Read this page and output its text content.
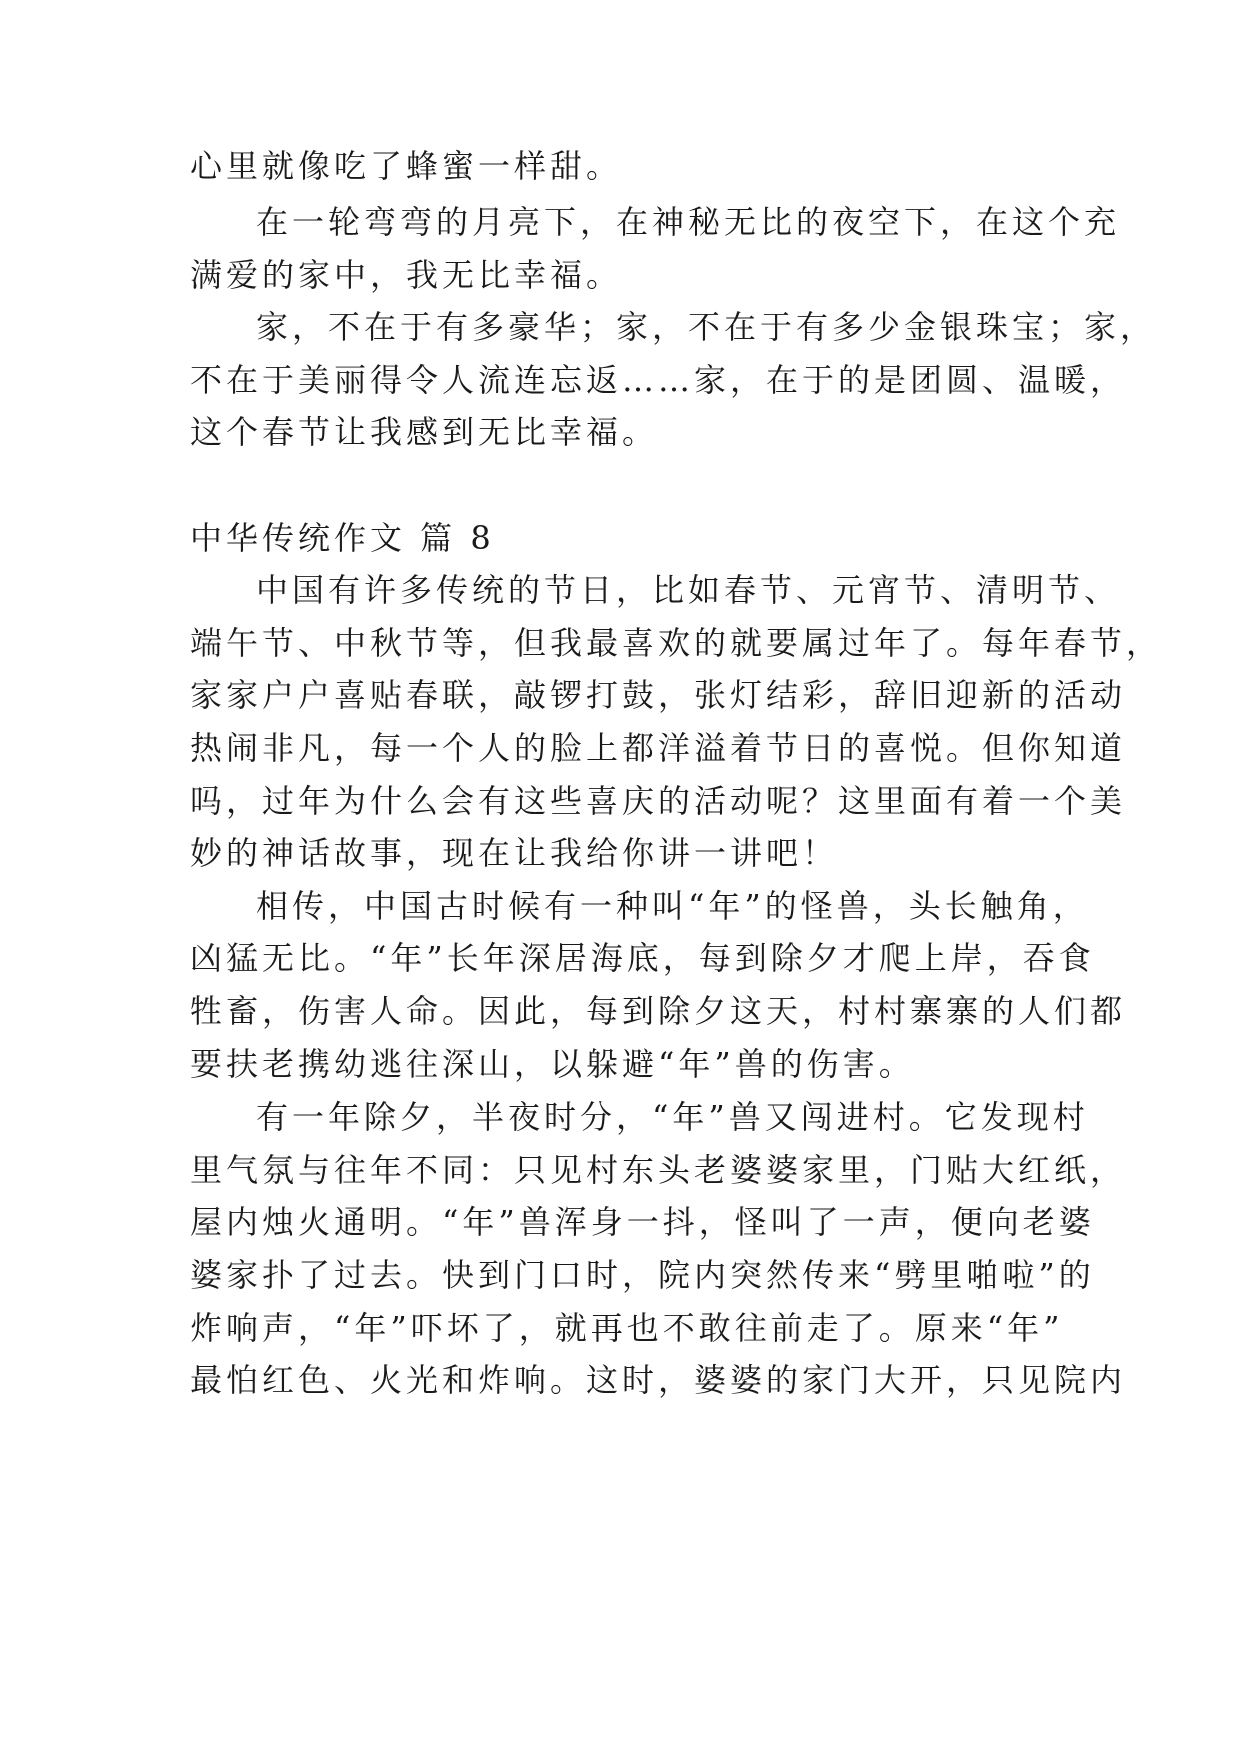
心里就像吃了蜂蜜一样甜。
在一轮弯弯的月亮下，在神秘无比的夜空下，在这个充
满爱的家中，我无比幸福。
家，不在于有多豪华；家，不在于有多少金银珠宝；家，
不在于美丽得令人流连忘返……家，在于的是团圆、温暖，
这个春节让我感到无比幸福。
中华传统作文 篇 8
中国有许多传统的节日，比如春节、元宵节、清明节、
端午节、中秋节等，但我最喜欢的就要属过年了。每年春节，
家家户户喜贴春联，敲锣打鼓，张灯结彩，辞旧迎新的活动
热闹非凡，每一个人的脸上都洋溢着节日的喜悦。但你知道
吗，过年为什么会有这些喜庆的活动呢？这里面有着一个美
妙的神话故事，现在让我给你讲一讲吧！
相传，中国古时候有一种叫“年”的怪兽，头长触角，
凶猛无比。“年”长年深居海底，每到除夕才爬上岸，吞食
牲畜，伤害人命。因此，每到除夕这天，村村寨寨的人们都
要扶老携幼逃往深山，以躲避“年”兽的伤害。
有一年除夕，半夜时分，“年”兽又闯进村。它发现村
里气氛与往年不同：只见村东头老婆婆家里，门贴大红纸，
屋内烛火通明。“年”兽浑身一抖，怪叫了一声，便向老婆
婆家扑了过去。快到门口时，院内突然传来“劈里啪啦”的
炸响声，“年”吓坏了，就再也不敢往前走了。原来“年”
最怕红色、火光和炸响。这时，婆婆的家门大开，只见院内
